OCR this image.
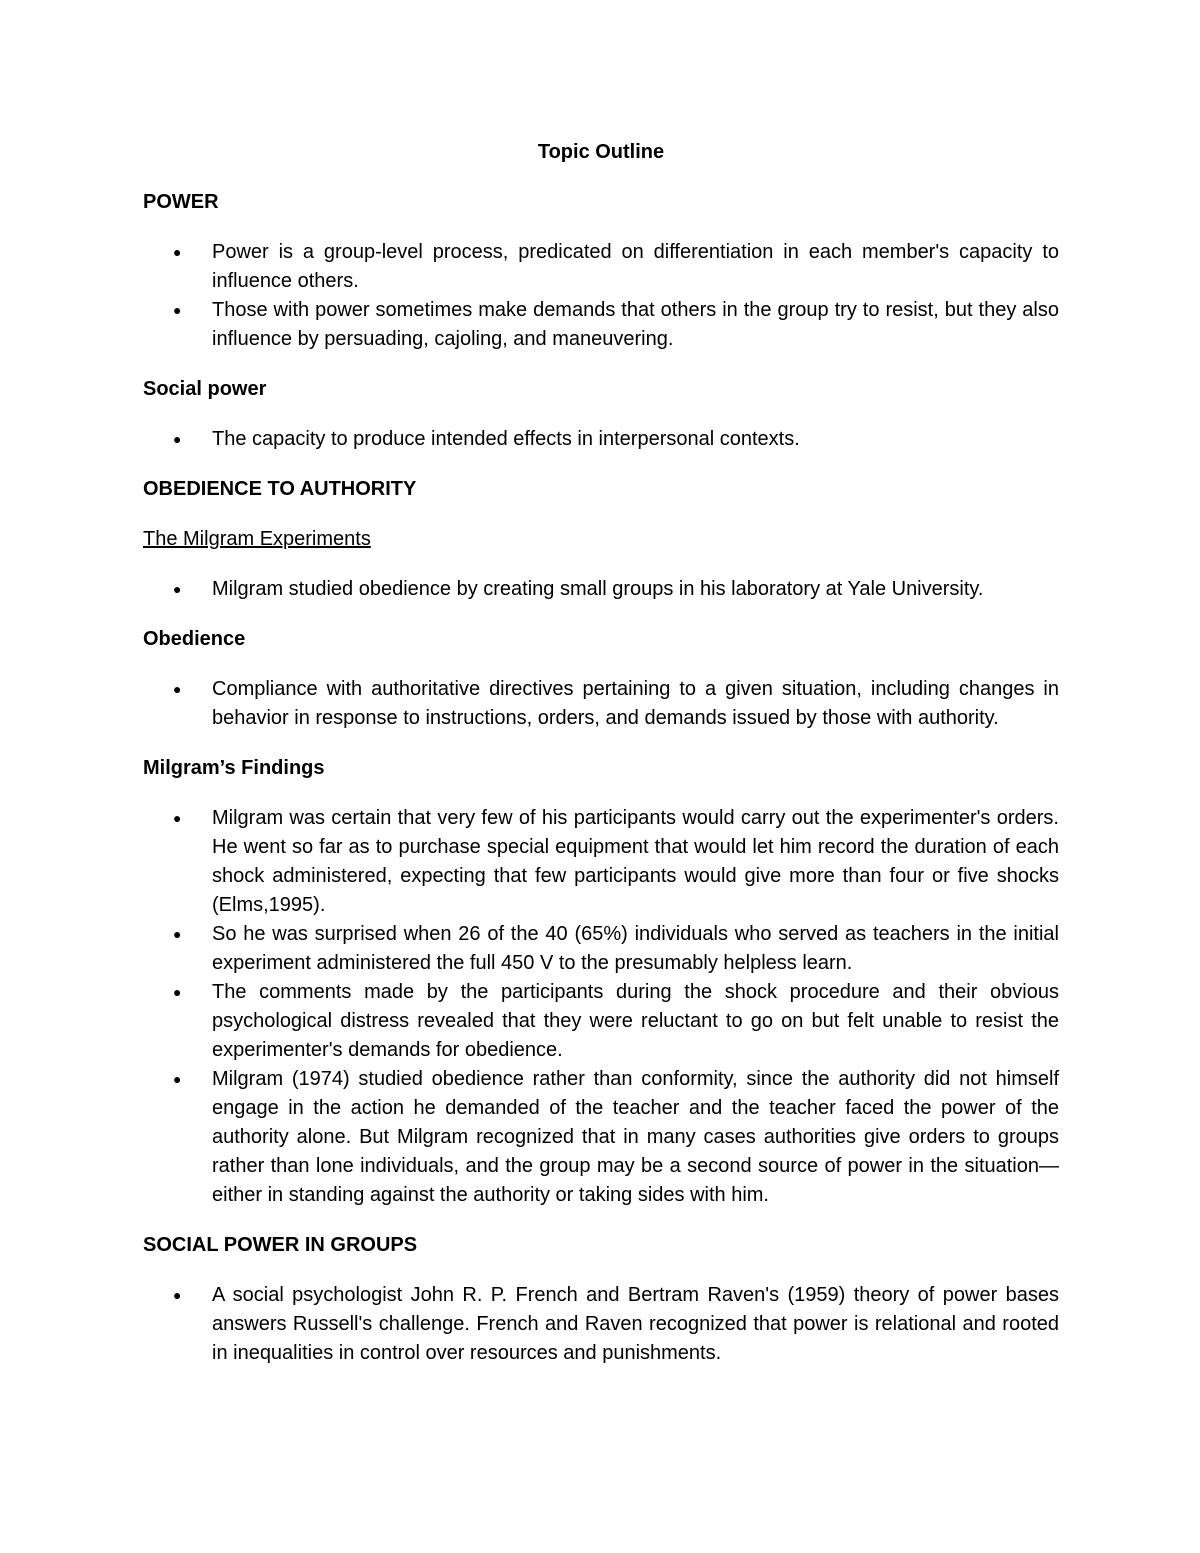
Topic Outline
POWER
● Power is a group-level process, predicated on differentiation in each member's capacity to influence others.
● Those with power sometimes make demands that others in the group try to resist, but they also influence by persuading, cajoling, and maneuvering.
Social power
● The capacity to produce intended effects in interpersonal contexts.
OBEDIENCE TO AUTHORITY
The Milgram Experiments
● Milgram studied obedience by creating small groups in his laboratory at Yale University.
Obedience
● Compliance with authoritative directives pertaining to a given situation, including changes in behavior in response to instructions, orders, and demands issued by those with authority.
Milgram’s Findings
● Milgram was certain that very few of his participants would carry out the experimenter's orders. He went so far as to purchase special equipment that would let him record the duration of each shock administered, expecting that few participants would give more than four or five shocks (Elms,1995).
● So he was surprised when 26 of the 40 (65%) individuals who served as teachers in the initial experiment administered the full 450 V to the presumably helpless learn.
● The comments made by the participants during the shock procedure and their obvious psychological distress revealed that they were reluctant to go on but felt unable to resist the experimenter's demands for obedience.
● Milgram (1974) studied obedience rather than conformity, since the authority did not himself engage in the action he demanded of the teacher and the teacher faced the power of the authority alone. But Milgram recognized that in many cases authorities give orders to groups rather than lone individuals, and the group may be a second source of power in the situation—either in standing against the authority or taking sides with him.
SOCIAL POWER IN GROUPS
● A social psychologist John R. P. French and Bertram Raven's (1959) theory of power bases answers Russell's challenge. French and Raven recognized that power is relational and rooted in inequalities in control over resources and punishments.
